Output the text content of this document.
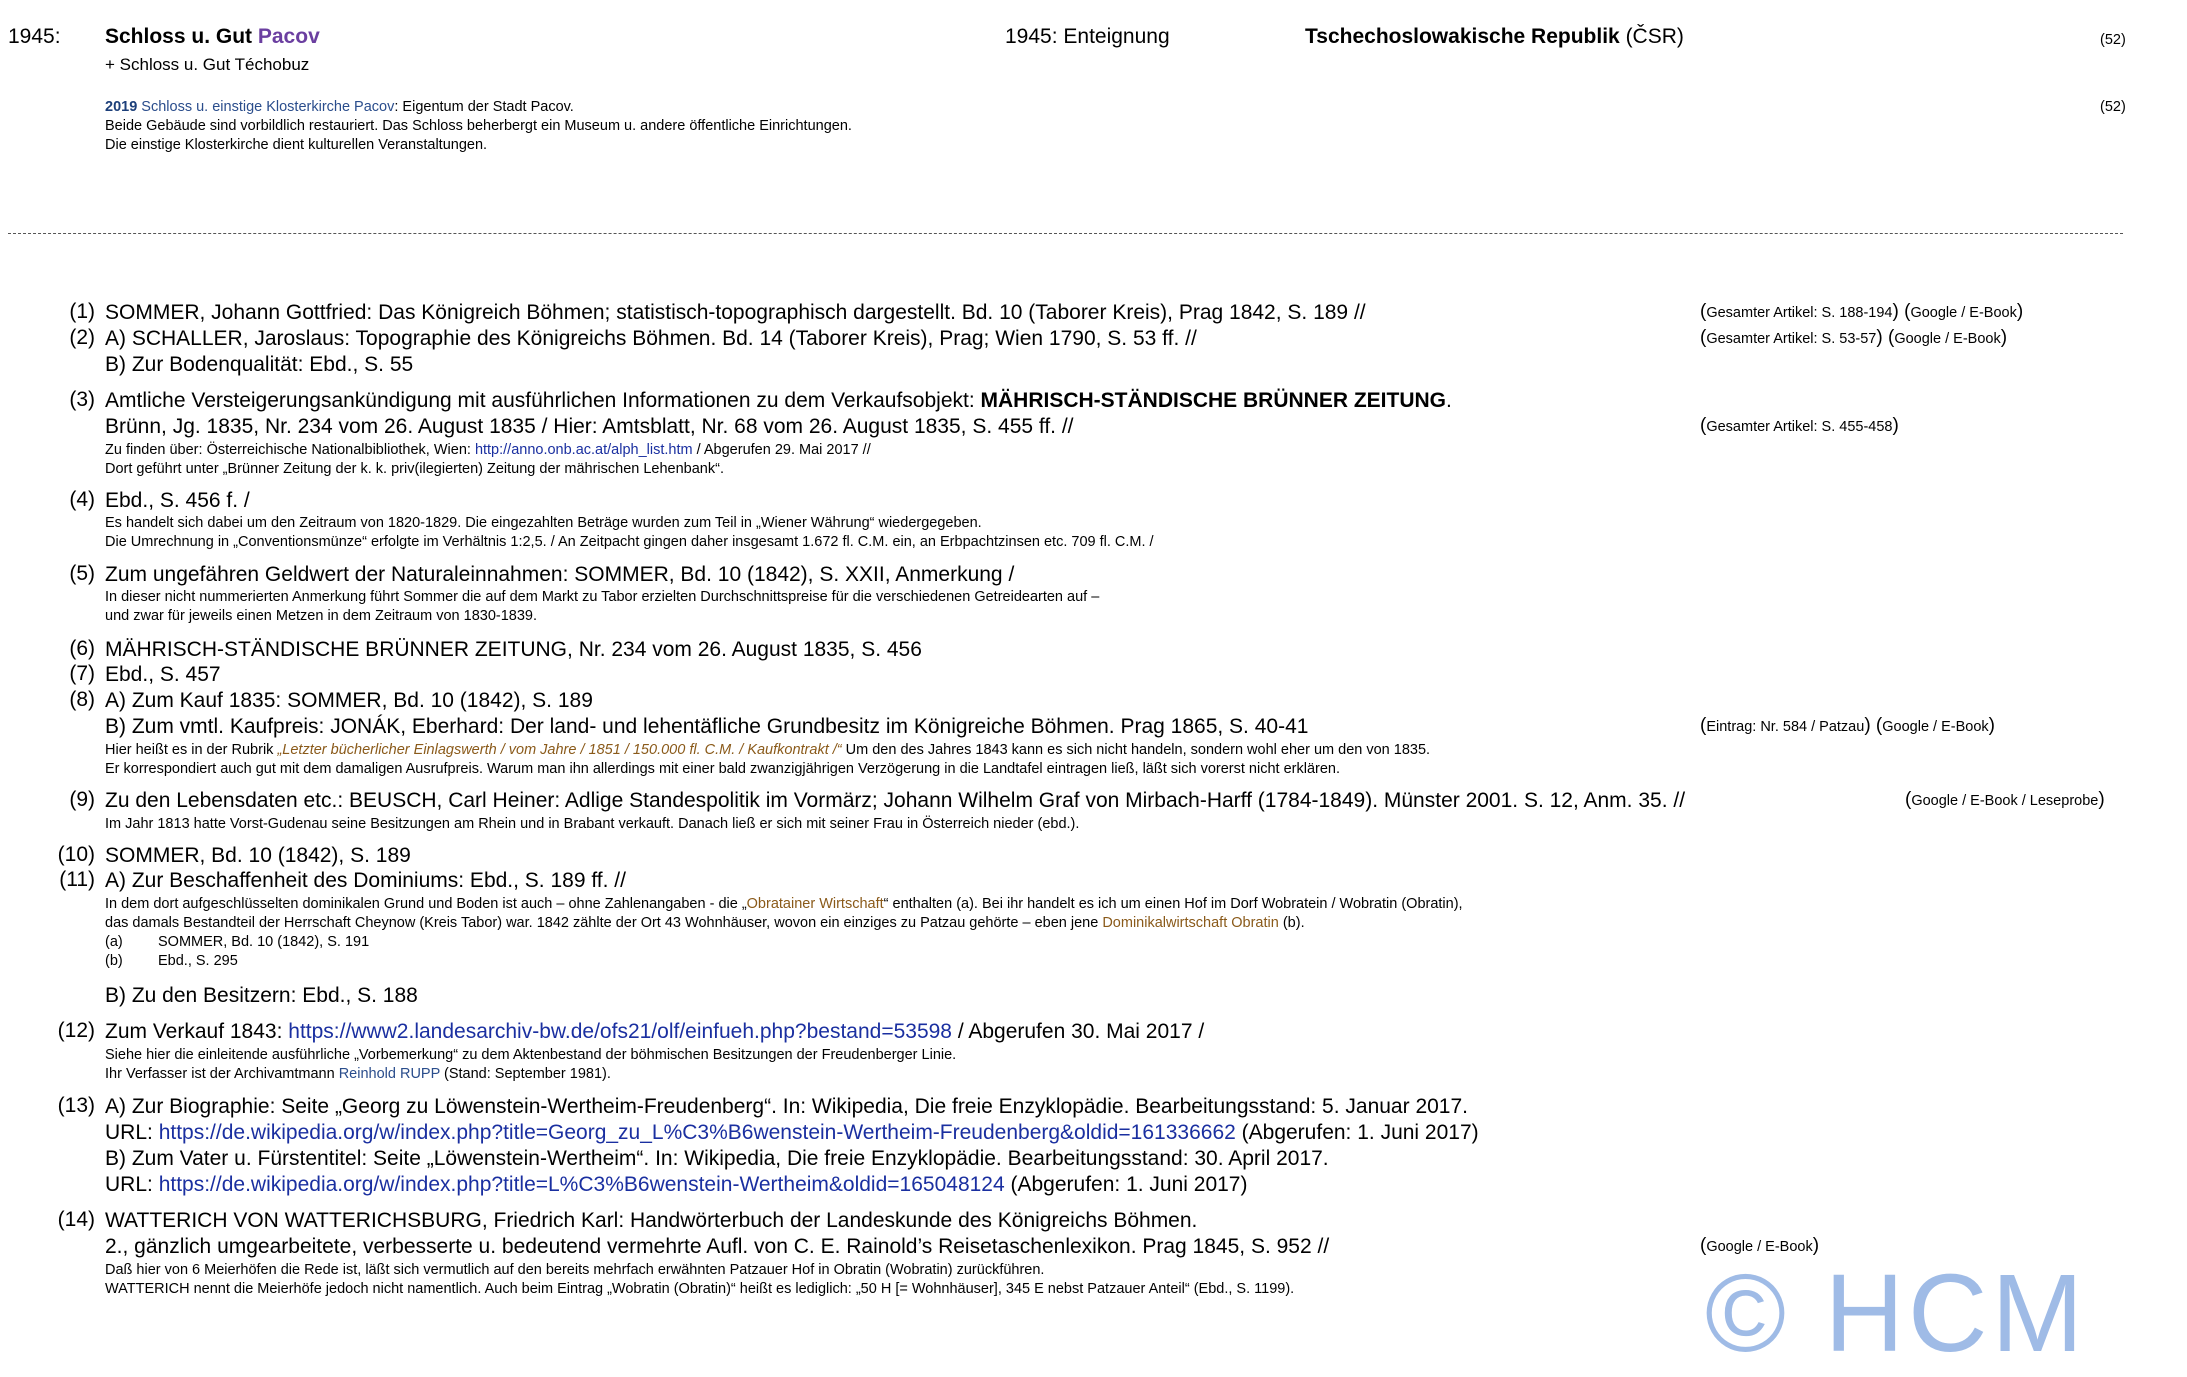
1945: Schloss u. Gut Pacov
+ Schloss u. Gut Téchobuz
1945: Enteignung	Tschechoslowakische Republik (ČSR)	(52)
2019 Schloss u. einstige Klosterkirche Pacov: Eigentum der Stadt Pacov.
Beide Gebäude sind vorbildlich restauriert. Das Schloss beherbergt ein Museum u. andere öffentliche Einrichtungen.
Die einstige Klosterkirche dient kulturellen Veranstaltungen.
(52)
(1) SOMMER, Johann Gottfried: Das Königreich Böhmen; statistisch-topographisch dargestellt. Bd. 10 (Taborer Kreis), Prag 1842, S. 189 //	(Gesamter Artikel: S. 188-194) (Google / E-Book)
(2) A) SCHALLER, Jaroslaus: Topographie des Königreichs Böhmen. Bd. 14 (Taborer Kreis), Prag; Wien 1790, S. 53 ff. //	(Gesamter Artikel: S. 53-57) (Google / E-Book)
B) Zur Bodenqualität: Ebd., S. 55
(3) Amtliche Versteigerungsankündigung mit ausführlichen Informationen zu dem Verkaufsobjekt: MÄHRISCH-STÄNDISCHE BRÜNNER ZEITUNG.
Brünn, Jg. 1835, Nr. 234 vom 26. August 1835 / Hier: Amtsblatt, Nr. 68 vom 26. August 1835, S. 455 ff. //	(Gesamter Artikel: S. 455-458)
Zu finden über: Österreichische Nationalbibliothek, Wien: http://anno.onb.ac.at/alph_list.htm / Abgerufen 29. Mai 2017 //
Dort geführt unter „Brünner Zeitung der k. k. priv(ilegierten) Zeitung der mährischen Lehenbank“.
(4) Ebd., S. 456 f. /
Es handelt sich dabei um den Zeitraum von 1820-1829. Die eingezahlten Beträge wurden zum Teil in „Wiener Währung“ wiedergegeben.
Die Umrechnung in „Conventionsmünze“ erfolgte im Verhältnis 1:2,5. / An Zeitpacht gingen daher insgesamt 1.672 fl. C.M. ein, an Erbpachtzinsen etc. 709 fl. C.M. /
(5) Zum ungefähren Geldwert der Naturaleinnahmen: SOMMER, Bd. 10 (1842), S. XXII, Anmerkung /
In dieser nicht nummerierten Anmerkung führt Sommer die auf dem Markt zu Tabor erzielten Durchschnittspreise für die verschiedenen Getreidearten auf –
und zwar für jeweils einen Metzen in dem Zeitraum von 1830-1839.
(6) MÄHRISCH-STÄNDISCHE BRÜNNER ZEITUNG, Nr. 234 vom 26. August 1835, S. 456
(7) Ebd., S. 457
(8) A) Zum Kauf 1835: SOMMER, Bd. 10 (1842), S. 189
B) Zum vmtl. Kaufpreis: JONÁK, Eberhard: Der land- und lehentäfliche Grundbesitz im Königreiche Böhmen. Prag 1865, S. 40-41	(Eintrag: Nr. 584 / Patzau) (Google / E-Book)
Hier heißt es in der Rubrik „Letzter bücherlicher Einlagswerth / vom Jahre / 1851 / 150.000 fl. C.M. / Kaufkontrakt /“ Um den des Jahres 1843 kann es sich nicht handeln, sondern wohl eher um den von 1835.
Er korrespondiert auch gut mit dem damaligen Ausrufpreis. Warum man ihn allerdings mit einer bald zwanzigjährigen Verzögerung in die Landtafel eintragen ließ, läßt sich vorerst nicht erklären.
(9) Zu den Lebensdaten etc.: BEUSCH, Carl Heiner: Adlige Standespolitik im Vormärz; Johann Wilhelm Graf von Mirbach-Harff (1784-1849). Münster 2001. S. 12, Anm. 35. //	(Google / E-Book / Leseprobe)
Im Jahr 1813 hatte Vorst-Gudenau seine Besitzungen am Rhein und in Brabant verkauft. Danach ließ er sich mit seiner Frau in Österreich nieder (ebd.).
(10) SOMMER, Bd. 10 (1842), S. 189
(11) A) Zur Beschaffenheit des Dominiums: Ebd., S. 189 ff. //
In dem dort aufgeschlüsselten dominikalen Grund und Boden ist auch – ohne Zahlenangaben - die „Obratainer Wirtschaft“ enthalten (a). Bei ihr handelt es ich um einen Hof im Dorf Wobratein / Wobratin (Obratin),
das damals Bestandteil der Herrschaft Cheynow (Kreis Tabor) war. 1842 zählte der Ort 43 Wohnhäuser, wovon ein einziges zu Patzau gehörte – eben jene Dominikalwirtschaft Obratin (b).
(a) SOMMER, Bd. 10 (1842), S. 191
(b) Ebd., S. 295
B) Zu den Besitzern: Ebd., S. 188
(12) Zum Verkauf 1843: https://www2.landesarchiv-bw.de/ofs21/olf/einfueh.php?bestand=53598 / Abgerufen 30. Mai 2017 /
Siehe hier die einleitende ausführliche „Vorbemerkung“ zu dem Aktenbestand der böhmischen Besitzungen der Freudenberger Linie.
Ihr Verfasser ist der Archivamtmann Reinhold RUPP (Stand: September 1981).
(13) A) Zur Biographie: Seite „Georg zu Löwenstein-Wertheim-Freudenberg“. In: Wikipedia, Die freie Enzyklopädie. Bearbeitungsstand: 5. Januar 2017.
URL: https://de.wikipedia.org/w/index.php?title=Georg_zu_L%C3%B6wenstein-Wertheim-Freudenberg&oldid=161336662 (Abgerufen: 1. Juni 2017)
B) Zum Vater u. Fürstentitel: Seite „Löwenstein-Wertheim“. In: Wikipedia, Die freie Enzyklopädie. Bearbeitungsstand: 30. April 2017.
URL: https://de.wikipedia.org/w/index.php?title=L%C3%B6wenstein-Wertheim&oldid=165048124 (Abgerufen: 1. Juni 2017)
(14) WATTERICH VON WATTERICHSBURG, Friedrich Karl: Handwörterbuch der Landeskunde des Königreichs Böhmen.
2., gänzlich umgearbeitete, verbesserte u. bedeutend vermehrte Aufl. von C. E. Rainold’s Reisetaschenlexikon. Prag 1845, S. 952 //	(Google / E-Book)
Daß hier von 6 Meierhöfen die Rede ist, läßt sich vermutlich auf den bereits mehrfach erwähnten Patzauer Hof in Obratin (Wobratin) zurückführen.
WATTERICH nennt die Meierhöfe jedoch nicht namentlich. Auch beim Eintrag „Wobratin (Obratin)“ heißt es lediglich: „50 H [= Wohnhäuser], 345 E nebst Patzauer Anteil“ (Ebd., S. 1199).	© HCM
